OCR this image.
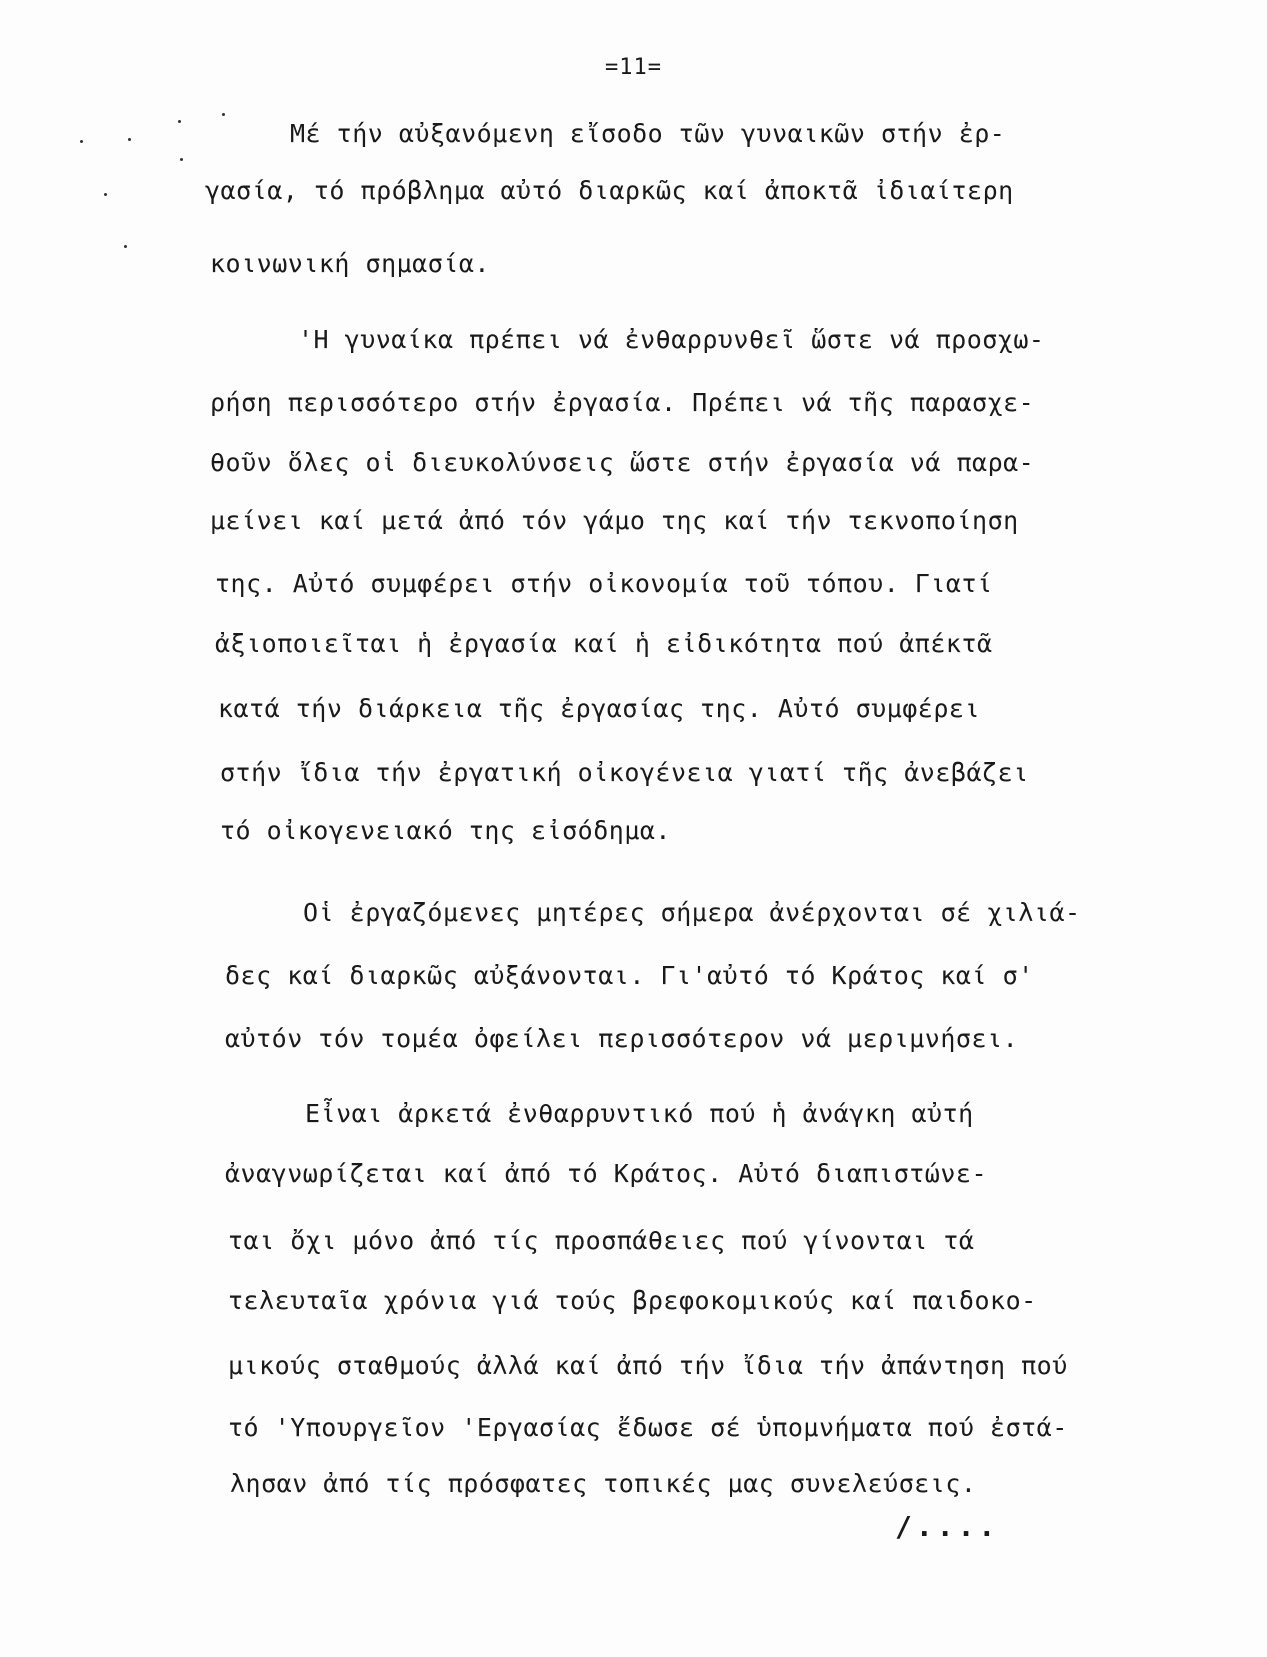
=11=
Μέ τήν αὐξανόμενη εἴσοδο τῶν γυναικῶν στήν ἐρ-
γασία, τό πρόβλημα αὐτό διαρκῶς καί ἀποκτᾶ ἰδιαίτερη
κοινωνική σημασία.
'Η γυναίκα πρέπει νά ἐνθαρρυνθεῖ ὥστε νά προσχω-
ρήση περισσότερο στήν ἐργασία. Πρέπει νά τῆς παρασχε-
θοῦν ὅλες οἱ διευκολύνσεις ὥστε στήν ἐργασία νά παρα-
μείνει καί μετά ἀπό τόν γάμο της καί τήν τεκνοποίηση
της. Αὐτό συμφέρει στήν οἰκονομία τοῦ τόπου. Γιατί
ἀξιοποιεῖται ἡ ἐργασία καί ἡ εἰδικότητα πού ἀπέκτᾶ
κατά τήν διάρκεια τῆς ἐργασίας της. Αὐτό συμφέρει
στήν ἴδια τήν ἐργατική οἰκογένεια γιατί τῆς ἀνεβάζει
τό οἰκογενειακό της εἰσόδημα.
Οἱ ἐργαζόμενες μητέρες σήμερα ἀνέρχονται σέ χιλιά-
δες καί διαρκῶς αὐξάνονται. Γι'αὐτό τό Κράτος καί σ'
αὐτόν τόν τομέα ὀφείλει περισσότερον νά μεριμνήσει.
Εἶναι ἀρκετά ἐνθαρρυντικό πού ἡ ἀνάγκη αὐτή
ἀναγνωρίζεται καί ἀπό τό Κράτος. Αὐτό διαπιστώνε-
ται ὄχι μόνο ἀπό τίς προσπάθειες πού γίνονται τά
τελευταῖα χρόνια γιά τούς βρεφοκομικούς καί παιδοκο-
μικούς σταθμούς ἀλλά καί ἀπό τήν ἴδια τήν ἀπάντηση πού
τό 'Υπουργεῖον 'Εργασίας ἔδωσε σέ ὑπομνήματα πού ἐστά-
λησαν ἀπό τίς πρόσφατες τοπικές μας συνελεύσεις.
/....
